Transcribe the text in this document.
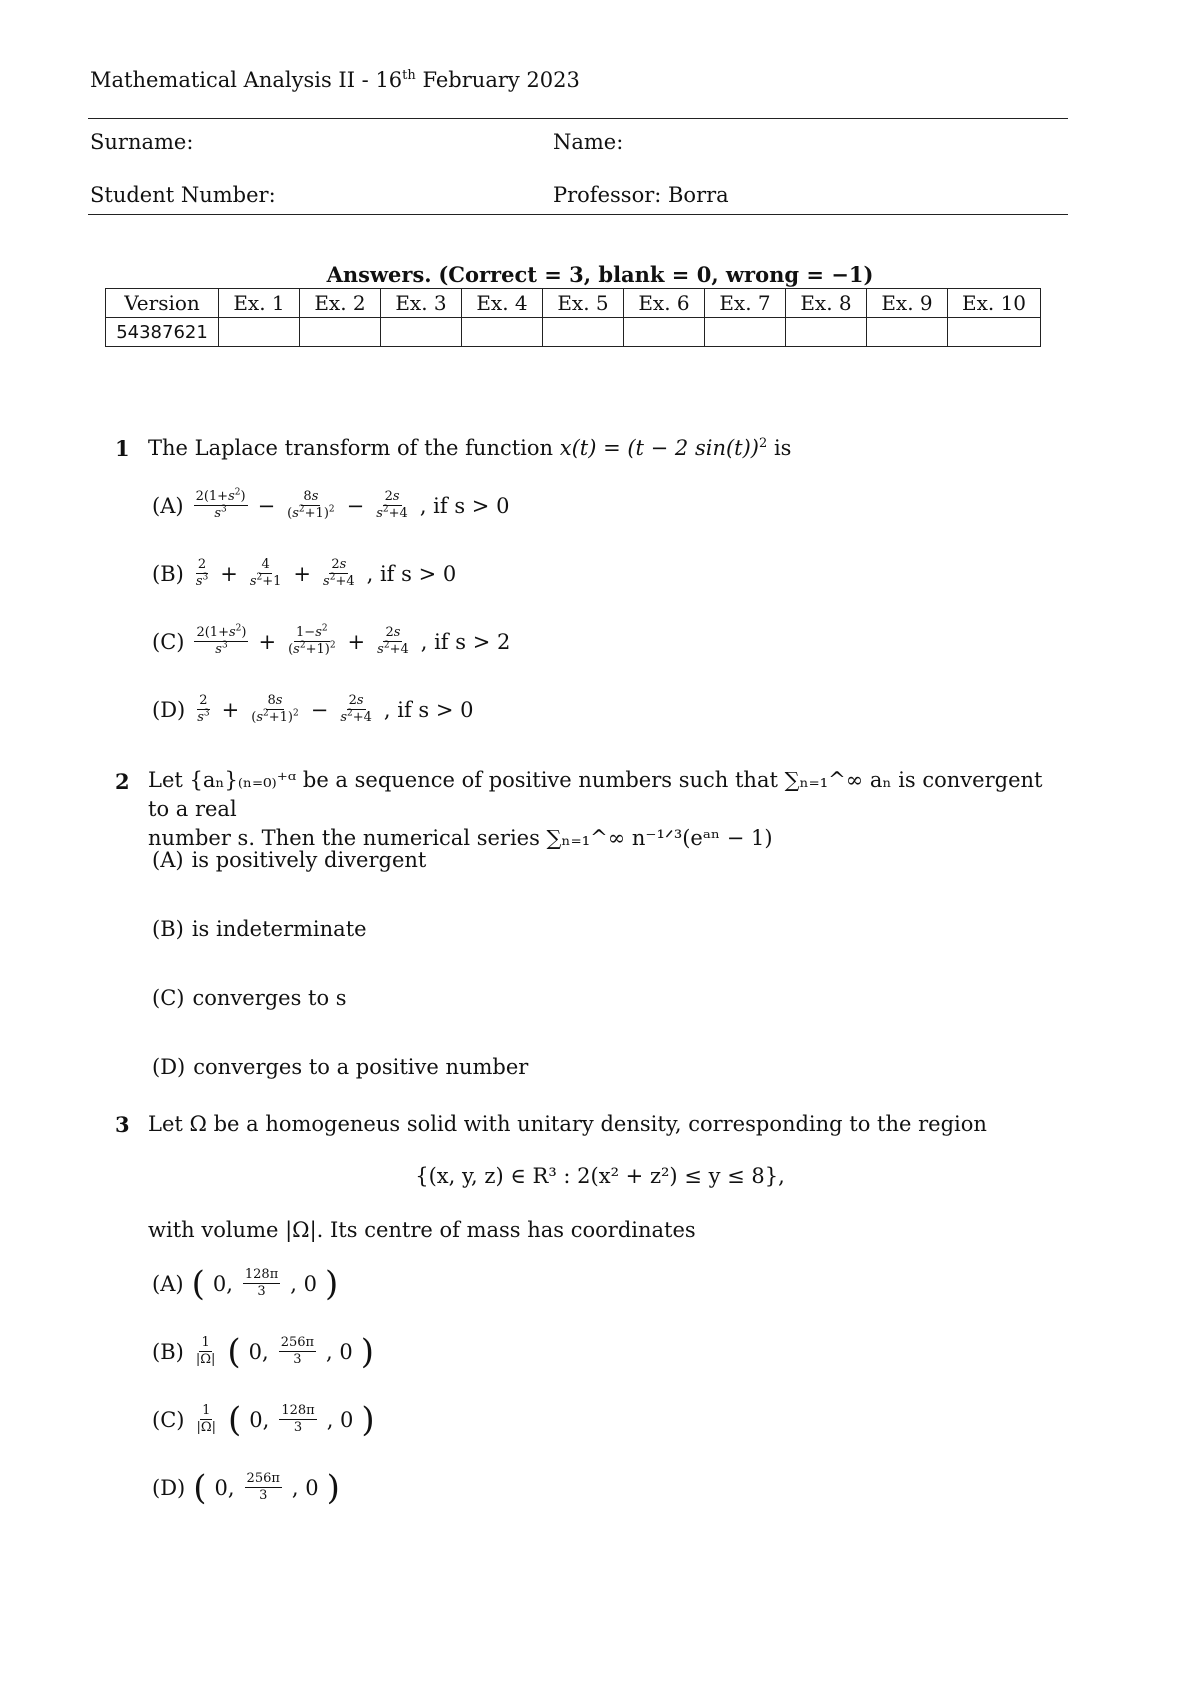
Mathematical Analysis II - 16th February 2023
Surname:	Name:
Student Number:	Professor: Borra
Answers. (Correct = 3, blank = 0, wrong = −1)
Version	Ex. 1	Ex. 2	Ex. 3	Ex. 4	Ex. 5	Ex. 6	Ex. 7	Ex. 8	Ex. 9	Ex. 10
54387621										
1 The Laplace transform of the function x(t) = (t − 2 sin(t))$^2$ is
$(A) \frac{2(1+s^2)}{s^3} - \frac{8s}{(s^2+1)^2} - \frac{2s}{s^2+4}$ , if s > 0
$(B) \frac{2}{s^3} + \frac{4}{s^2+1} + \frac{2s}{s^2+4}$ , if s > 0
$(C) \frac{2(1+s^2)}{s^3} + \frac{1-s^2}{(s^2+1)^2} + \frac{2s}{s^2+4}$ , if s > 2
$(D) \frac{2}{s^3} + \frac{8s}{(s^2+1)^2} - \frac{2s}{s^2+4}$ , if s > 0
2 Let {aₙ}₍ₙ₌₀₎⁺ᵅ be a sequence of positive numbers such that ∑ₙ₌₁^∞ aₙ is convergent to a real
number s. Then the numerical series ∑ₙ₌₁^∞ n⁻¹ᐟ³(eᵃⁿ − 1)
(A) is positively divergent
(B) is indeterminate
(C) converges to s
(D) converges to a positive number
3 Let Ω be a homogeneus solid with unitary density, corresponding to the region
{(x, y, z) ∈ R³ : 2(x² + z²) ≤ y ≤ 8},
with volume |Ω|. Its centre of mass has coordinates
(A) ( 0, $\frac{128\pi}{3}$ , 0 )
$(B) \frac{1}{|\Omega|}$ ( 0, $\frac{256\pi}{3}$ , 0 )
$(C) \frac{1}{|\Omega|}$ ( 0, $\frac{128\pi}{3}$ , 0 )
(D) ( 0, $\frac{256\pi}{3}$ , 0 )
